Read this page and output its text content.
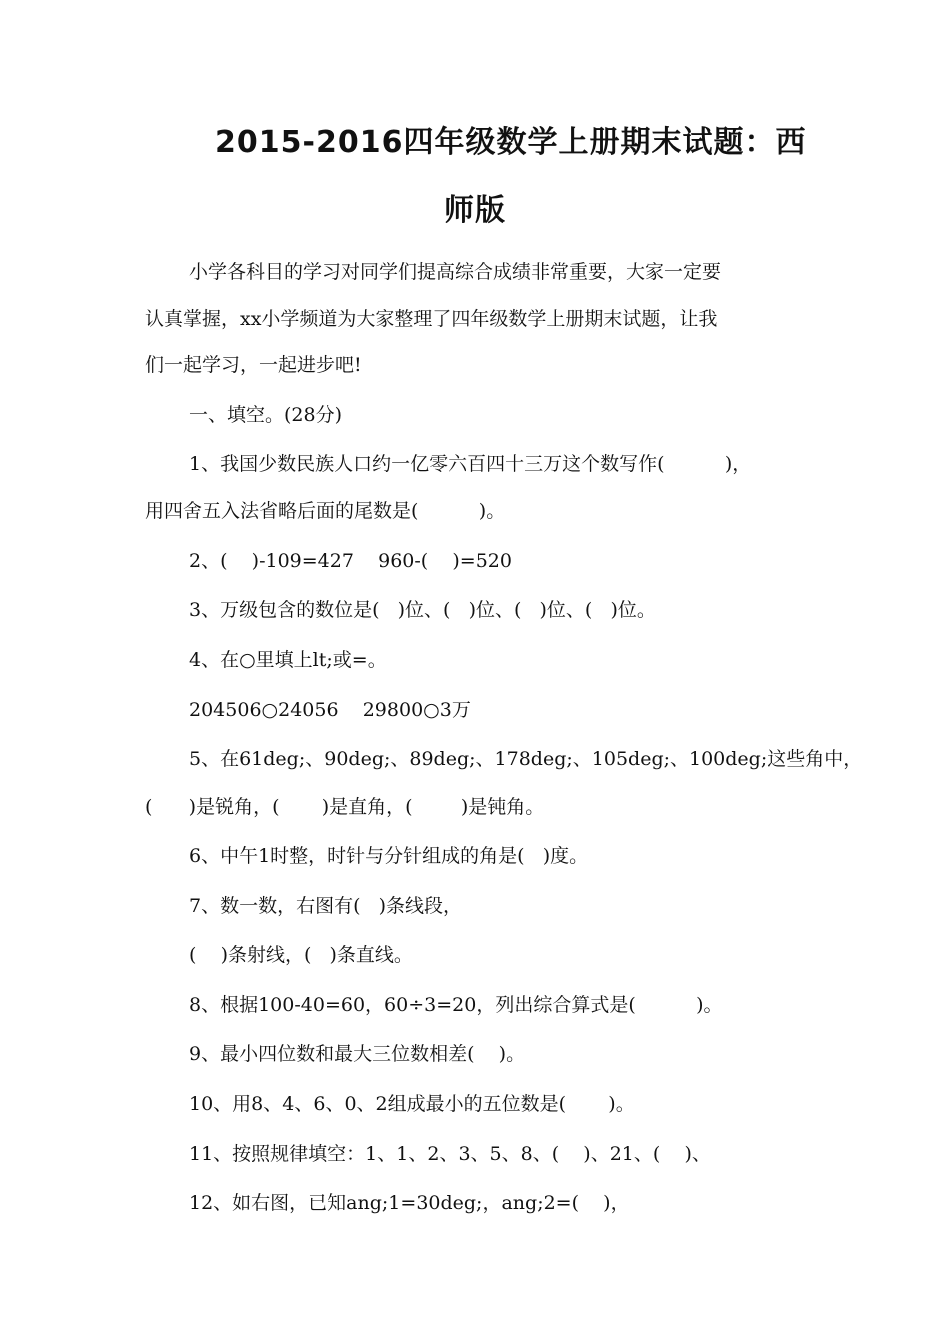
2015-2016四年级数学上册期末试题：西
师版
小学各科目的学习对同学们提高综合成绩非常重要，大家一定要
认真掌握，xx小学频道为大家整理了四年级数学上册期末试题，让我
们一起学习，一起进步吧!
一、填空。(28分)
1、我国少数民族人口约一亿零六百四十三万这个数写作(          )，
用四舍五入法省略后面的尾数是(          )。
2、(    )-109=427    960-(    )=520
3、万级包含的数位是(   )位、(   )位、(   )位、(   )位。
4、在○里填上lt;或=。
204506○24056    29800○3万
5、在61deg;、90deg;、89deg;、178deg;、105deg;、100deg;这些角中，
(      )是锐角，(       )是直角，(        )是钝角。
6、中午1时整，时针与分针组成的角是(   )度。
7、数一数，右图有(   )条线段，
(    )条射线，(   )条直线。
8、根据100-40=60，60÷3=20，列出综合算式是(          )。
9、最小四位数和最大三位数相差(    )。
10、用8、4、6、0、2组成最小的五位数是(       )。
11、按照规律填空：1、1、2、3、5、8、(    )、21、(    )、
12、如右图，已知ang;1=30deg;，ang;2=(    )，
